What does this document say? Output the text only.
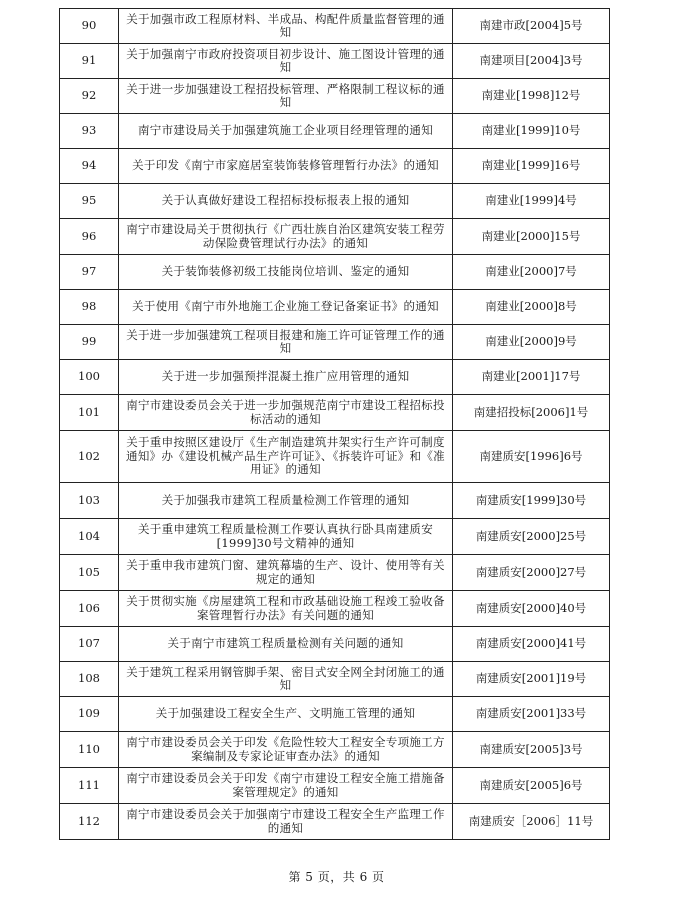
90	关于加强市政工程原材料、半成品、构配件质量监督管理的通知	南建市政[2004]5号
91	关于加强南宁市政府投资项目初步设计、施工图设计管理的通知	南建项目[2004]3号
92	关于进一步加强建设工程招投标管理、严格限制工程议标的通知	南建业[1998]12号
93	南宁市建设局关于加强建筑施工企业项目经理管理的通知	南建业[1999]10号
94	关于印发《南宁市家庭居室装饰装修管理暂行办法》的通知	南建业[1999]16号
95	关于认真做好建设工程招标投标报表上报的通知	南建业[1999]4号
96	南宁市建设局关于贯彻执行《广西壮族自治区建筑安装工程劳动保险费管理试行办法》的通知	南建业[2000]15号
97	关于装饰装修初级工技能岗位培训、鉴定的通知	南建业[2000]7号
98	关于使用《南宁市外地施工企业施工登记备案证书》的通知	南建业[2000]8号
99	关于进一步加强建筑工程项目报建和施工许可证管理工作的通知	南建业[2000]9号
100	关于进一步加强预拌混凝土推广应用管理的通知	南建业[2001]17号
101	南宁市建设委员会关于进一步加强规范南宁市建设工程招标投标活动的通知	南建招投标[2006]1号
102	关于重申按照区建设厅《生产制造建筑井架实行生产许可制度通知》办《建设机械产品生产许可证》、《拆装许可证》和《准用证》的通知	南建质安[1996]6号
103	关于加强我市建筑工程质量检测工作管理的通知	南建质安[1999]30号
104	关于重申建筑工程质量检测工作要认真执行卧具南建质安[1999]30号文精神的通知	南建质安[2000]25号
105	关于重申我市建筑门窗、建筑幕墙的生产、设计、使用等有关规定的通知	南建质安[2000]27号
106	关于贯彻实施《房屋建筑工程和市政基础设施工程竣工验收备案管理暂行办法》有关问题的通知	南建质安[2000]40号
107	关于南宁市建筑工程质量检测有关问题的通知	南建质安[2000]41号
108	关于建筑工程采用钢管脚手架、密目式安全网全封闭施工的通知	南建质安[2001]19号
109	关于加强建设工程安全生产、文明施工管理的通知	南建质安[2001]33号
110	南宁市建设委员会关于印发《危险性较大工程安全专项施工方案编制及专家论证审查办法》的通知	南建质安[2005]3号
111	南宁市建设委员会关于印发《南宁市建设工程安全施工措施备案管理规定》的通知	南建质安[2005]6号
112	南宁市建设委员会关于加强南宁市建设工程安全生产监理工作的通知	南建质安［2006］11号
第 5 页，共 6 页
